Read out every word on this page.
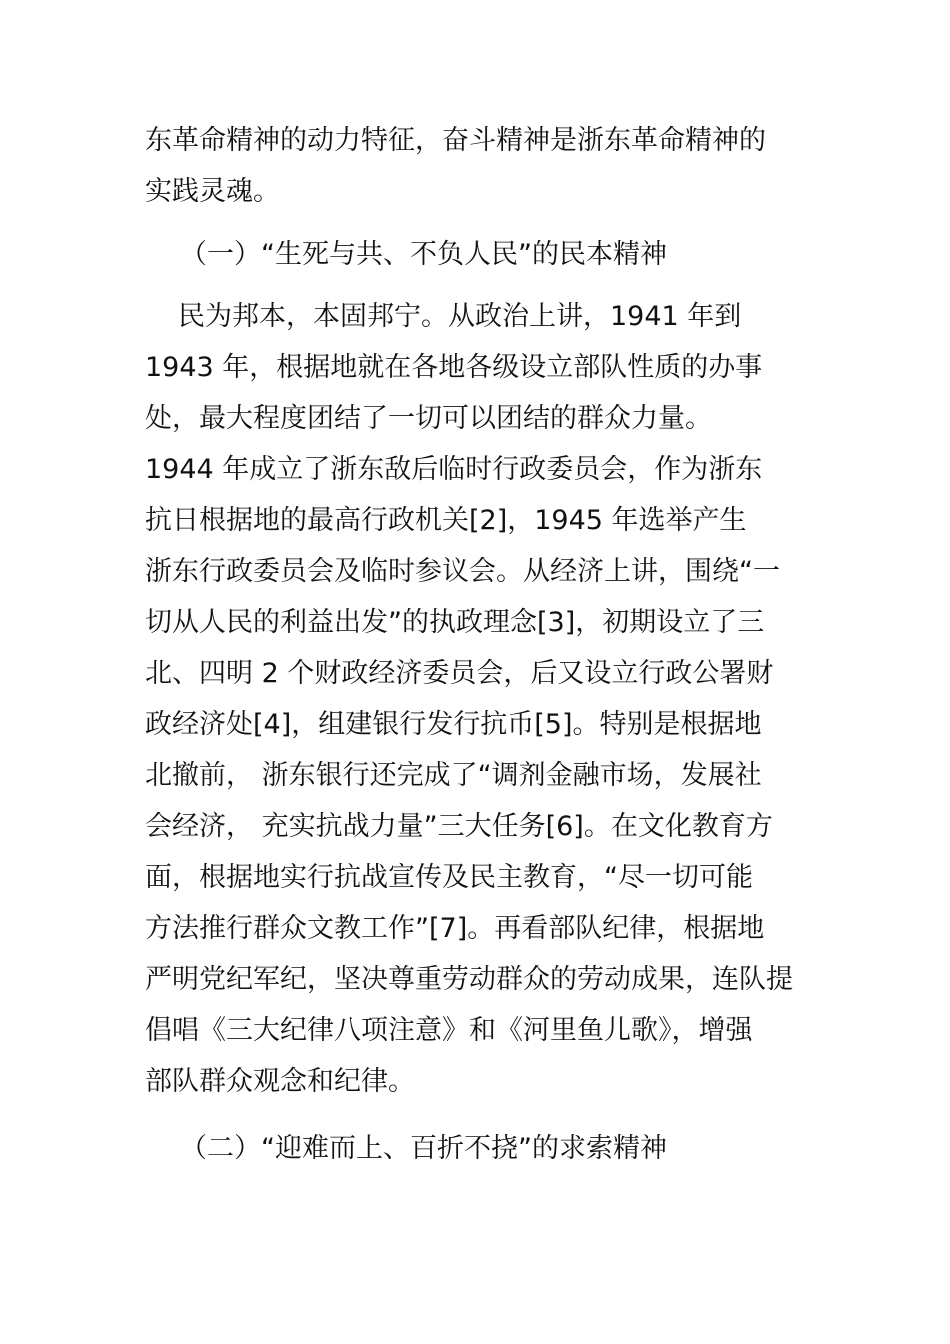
东革命精神的动力特征，奋斗精神是浙东革命精神的
实践灵魂。
（一）“生死与共、不负人民”的民本精神
民为邦本，本固邦宁。从政治上讲，1941 年到
1943 年，根据地就在各地各级设立部队性质的办事
处，最大程度团结了一切可以团结的群众力量。
1944 年成立了浙东敌后临时行政委员会，作为浙东
抗日根据地的最高行政机关[2]，1945 年选举产生
浙东行政委员会及临时参议会。从经济上讲，围绕“一
切从人民的利益出发”的执政理念[3]，初期设立了三
北、四明 2 个财政经济委员会，后又设立行政公署财
政经济处[4]，组建银行发行抗币[5]。特别是根据地
北撤前， 浙东银行还完成了“调剂金融市场，发展社
会经济， 充实抗战力量”三大任务[6]。在文化教育方
面，根据地实行抗战宣传及民主教育，“尽一切可能
方法推行群众文教工作”[7]。再看部队纪律，根据地
严明党纪军纪，坚决尊重劳动群众的劳动成果，连队提
倡唱《三大纪律八项注意》和《河里鱼儿歌》，增强
部队群众观念和纪律。
（二）“迎难而上、百折不挠”的求索精神
